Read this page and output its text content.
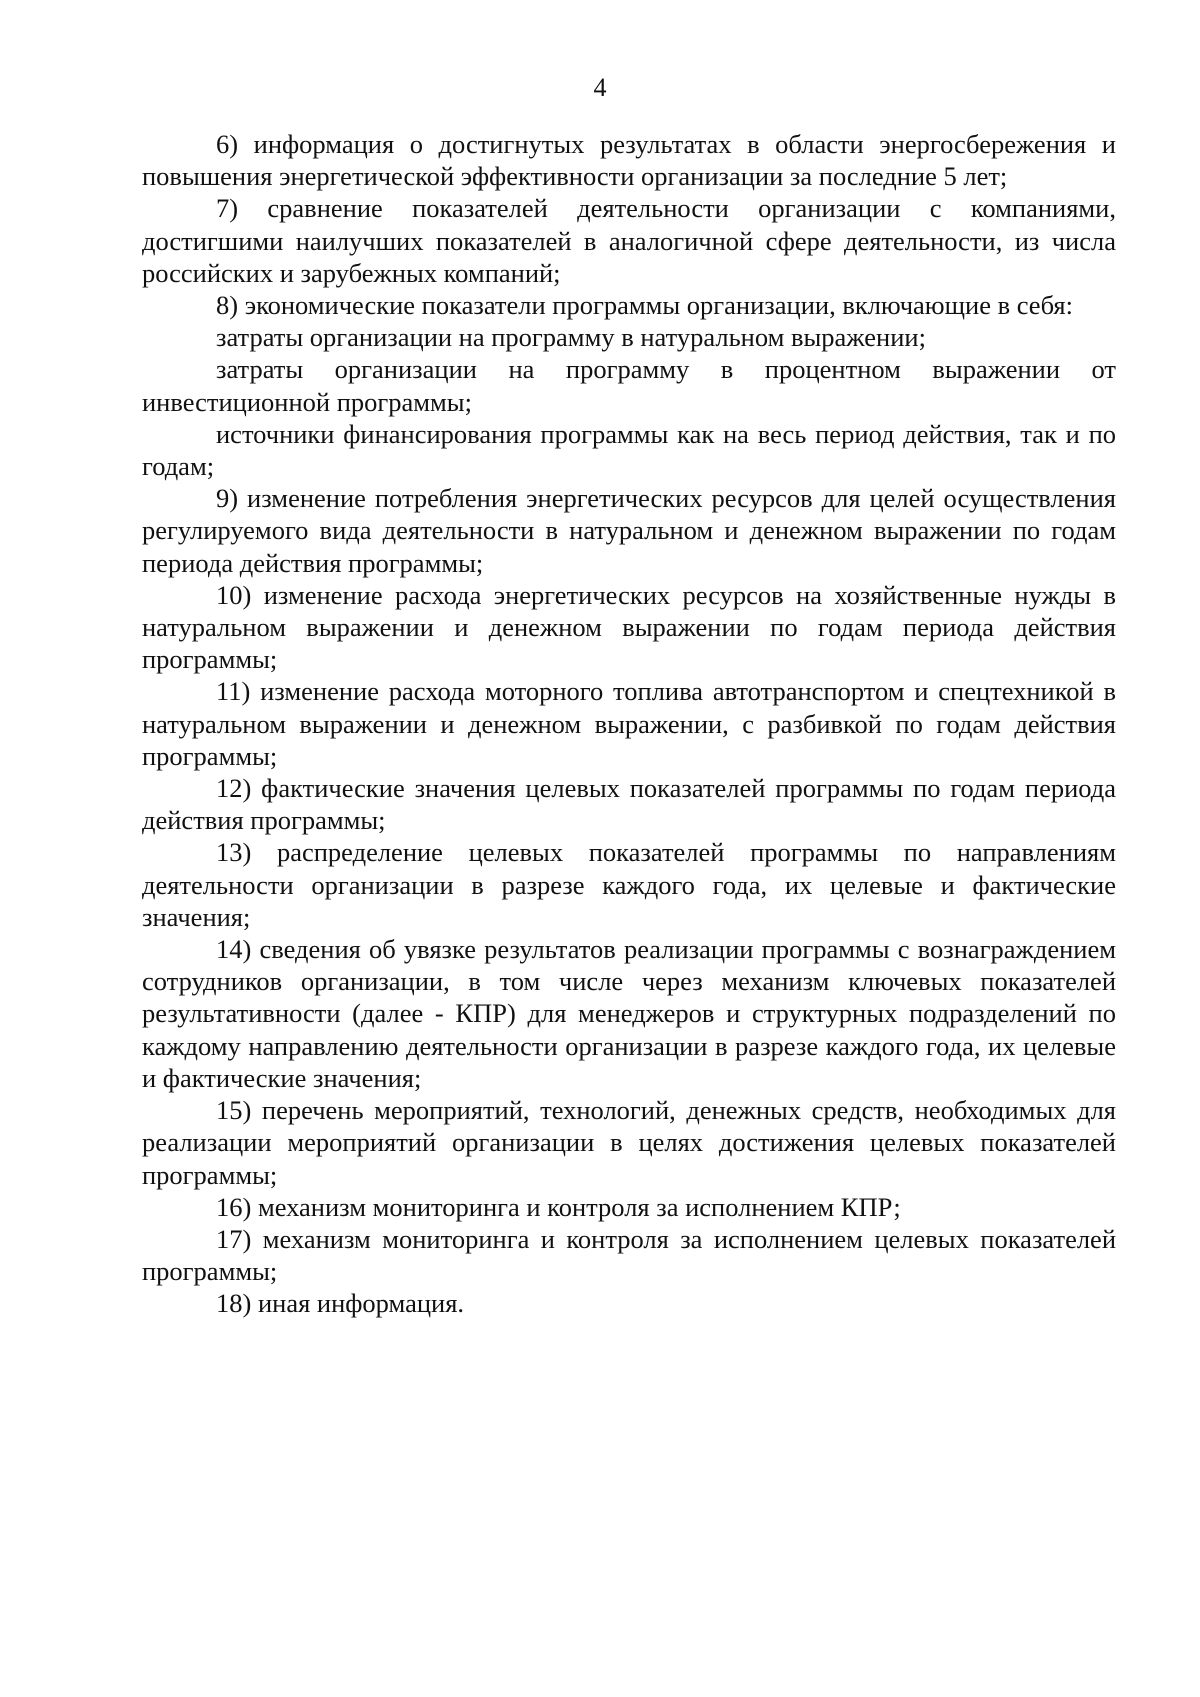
4

6) информация о достигнутых результатах в области энергосбережения и повышения энергетической эффективности организации за последние 5 лет;

7) сравнение показателей деятельности организации с компаниями, достигшими наилучших показателей в аналогичной сфере деятельности, из числа российских и зарубежных компаний;

8) экономические показатели программы организации, включающие в себя:

затраты организации на программу в натуральном выражении;

затраты организации на программу в процентном выражении от инвестиционной программы;

источники финансирования программы как на весь период действия, так и по годам;

9) изменение потребления энергетических ресурсов для целей осуществления регулируемого вида деятельности в натуральном и денежном выражении по годам периода действия программы;

10) изменение расхода энергетических ресурсов на хозяйственные нужды в натуральном выражении и денежном выражении по годам периода действия программы;

11) изменение расхода моторного топлива автотранспортом и спецтехникой в натуральном выражении и денежном выражении, с разбивкой по годам действия программы;

12) фактические значения целевых показателей программы по годам периода действия программы;

13) распределение целевых показателей программы по направлениям деятельности организации в разрезе каждого года, их целевые и фактические значения;

14) сведения об увязке результатов реализации программы с вознаграждением сотрудников организации, в том числе через механизм ключевых показателей результативности (далее - КПР) для менеджеров и структурных подразделений по каждому направлению деятельности организации в разрезе каждого года, их целевые и фактические значения;

15) перечень мероприятий, технологий, денежных средств, необходимых для реализации мероприятий организации в целях достижения целевых показателей программы;

16) механизм мониторинга и контроля за исполнением КПР;

17) механизм мониторинга и контроля за исполнением целевых показателей программы;

18) иная информация.
